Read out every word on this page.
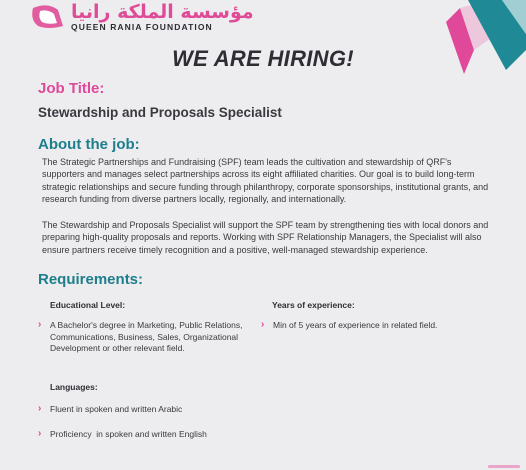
مؤسسة الملكة رانيا
QUEEN RANIA FOUNDATION
WE ARE HIRING!
Job Title:
Stewardship and Proposals Specialist
About the job:

The Strategic Partnerships and Fundraising (SPF) team leads the cultivation and stewardship of QRF's supporters and manages select partnerships across its eight affiliated charities. Our goal is to build long-term strategic relationships and secure funding through philanthropy, corporate sponsorships, institutional grants, and research funding from diverse partners locally, regionally, and internationally.

The Stewardship and Proposals Specialist will support the SPF team by strengthening ties with local donors and preparing high-quality proposals and reports. Working with SPF Relationship Managers, the Specialist will also ensure partners receive timely recognition and a positive, well-managed stewardship experience.

Requirements:
Educational Level:
›	A Bachelor's degree in Marketing, Public Relations, Communications, Business, Sales, Organizational Development or other relevant field.
Years of experience:
›	Min of 5 years of experience in related field.
Languages:
›	Fluent in spoken and written Arabic
›	Proficiency  in spoken and written English
